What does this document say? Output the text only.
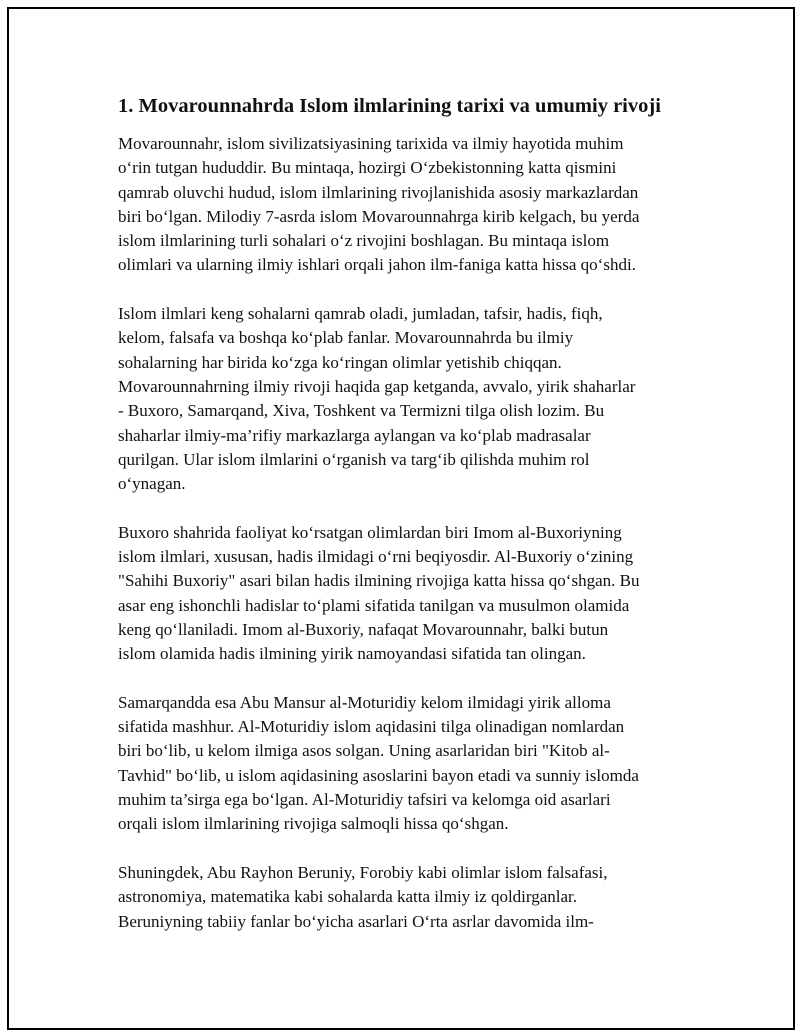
1. Movarounnahrda Islom ilmlarining tarixi va umumiy rivoji

Movarounnahr, islom sivilizatsiyasining tarixida va ilmiy hayotida muhim
o‘rin tutgan hududdir. Bu mintaqa, hozirgi O‘zbekistonning katta qismini
qamrab oluvchi hudud, islom ilmlarining rivojlanishida asosiy markazlardan
biri bo‘lgan. Milodiy 7-asrda islom Movarounnahrga kirib kelgach, bu yerda
islom ilmlarining turli sohalari o‘z rivojini boshlagan. Bu mintaqa islom
olimlari va ularning ilmiy ishlari orqali jahon ilm-faniga katta hissa qo‘shdi.

Islom ilmlari keng sohalarni qamrab oladi, jumladan, tafsir, hadis, fiqh,
kelom, falsafa va boshqa ko‘plab fanlar. Movarounnahrda bu ilmiy
sohalarning har birida ko‘zga ko‘ringan olimlar yetishib chiqqan.
Movarounnahrning ilmiy rivoji haqida gap ketganda, avvalo, yirik shaharlar
- Buxoro, Samarqand, Xiva, Toshkent va Termizni tilga olish lozim. Bu
shaharlar ilmiy-ma’rifiy markazlarga aylangan va ko‘plab madrasalar
qurilgan. Ular islom ilmlarini o‘rganish va targ‘ib qilishda muhim rol
o‘ynagan.

Buxoro shahrida faoliyat ko‘rsatgan olimlardan biri Imom al-Buxoriyning
islom ilmlari, xususan, hadis ilmidagi o‘rni beqiyosdir. Al-Buxoriy o‘zining
"Sahihi Buxoriy" asari bilan hadis ilmining rivojiga katta hissa qo‘shgan. Bu
asar eng ishonchli hadislar to‘plami sifatida tanilgan va musulmon olamida
keng qo‘llaniladi. Imom al-Buxoriy, nafaqat Movarounnahr, balki butun
islom olamida hadis ilmining yirik namoyandasi sifatida tan olingan.

Samarqandda esa Abu Mansur al-Moturidiy kelom ilmidagi yirik alloma
sifatida mashhur. Al-Moturidiy islom aqidasini tilga olinadigan nomlardan
biri bo‘lib, u kelom ilmiga asos solgan. Uning asarlaridan biri "Kitob al-
Tavhid" bo‘lib, u islom aqidasining asoslarini bayon etadi va sunniy islomda
muhim ta’sirga ega bo‘lgan. Al-Moturidiy tafsiri va kelomga oid asarlari
orqali islom ilmlarining rivojiga salmoqli hissa qo‘shgan.

Shuningdek, Abu Rayhon Beruniy, Forobiy kabi olimlar islom falsafasi,
astronomiya, matematika kabi sohalarda katta ilmiy iz qoldirganlar.
Beruniyning tabiiy fanlar bo‘yicha asarlari O‘rta asrlar davomida ilm-
